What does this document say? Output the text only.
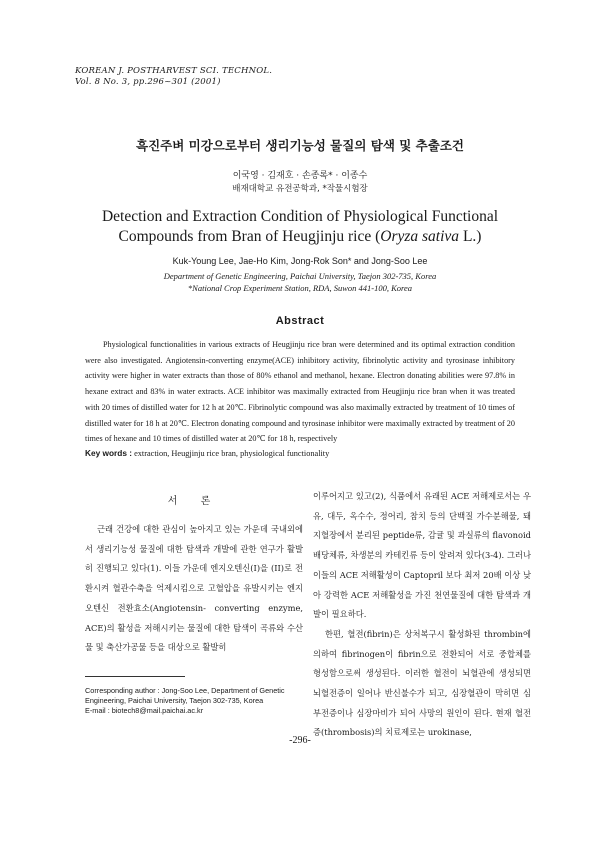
KOREAN J. POSTHARVEST SCI. TECHNOL.
Vol. 8 No. 3, pp.296~301 (2001)
흑진주벼 미강으로부터 생리기능성 물질의 탐색 및 추출조건
이국영 · 김재호 · 손종록* · 이종수
배재대학교 유전공학과, *작물시험장
Detection and Extraction Condition of Physiological Functional
Compounds from Bran of Heugjinju rice (Oryza sativa L.)
Kuk-Young Lee, Jae-Ho Kim, Jong-Rok Son* and Jong-Soo Lee
Department of Genetic Engineering, Paichai University, Taejon 302-735, Korea
*National Crop Experiment Station, RDA, Suwon 441-100, Korea
Abstract
Physiological functionalities in various extracts of Heugjinju rice bran were determined and its optimal extraction condition were also investigated. Angiotensin-converting enzyme(ACE) inhibitory activity, fibrinolytic activity and tyrosinase inhibitory activity were higher in water extracts than those of 80% ethanol and methanol, hexane. Electron donating abilities were 97.8% in hexane extract and 83% in water extracts. ACE inhibitor was maximally extracted from Heugjinju rice bran when it was treated with 20 times of distilled water for 12 h at 20℃. Fibrinolytic compound was also maximally extracted by treatment of 10 times of distilled water for 18 h at 20℃. Electron donating compound and tyrosinase inhibitor were maximally extracted by treatment of 20 times of hexane and 10 times of distilled water at 20℃ for 18 h, respectively
Key words : extraction, Heugjinju rice bran, physiological functionality
서 론
근래 건강에 대한 관심이 높아지고 있는 가운데 국내외에서 생리기능성 물질에 대한 탐색과 개발에 관한 연구가 활발히 진행되고 있다(1). 이들 가운데 엔지오텐신(I)을 (II)로 전환시켜 혈관수축을 억제시킴으로 고혈압을 유발시키는 엔지오텐신 전환효소(Angiotensin- converting enzyme, ACE)의 활성을 저해시키는 물질에 대한 탐색이 곡류와 수산물 및 축산가공물 등을 대상으로 활발히

이루어지고 있고(2), 식품에서 유래된 ACE 저해제로서는 우유, 대두, 옥수수, 정어리, 참치 등의 단백질 가수분해물, 돼지혈장에서 분리된 peptide류, 감귤 및 과실류의 flavonoid 배당체류, 차생분의 카테킨류 등이 알려져 있다(3-4). 그러나 이들의 ACE 저해활성이 Captopril 보다 최저 20배 이상 낮아 강력한 ACE 저해활성을 가진 천연물질에 대한 탐색과 개발이 필요하다.

한편, 혈전(fibrin)은 상처복구시 활성화된 thrombin에 의하여 fibrinogen이 fibrin으로 전환되어 서로 중합체를 형성함으로써 생성된다. 이러한 혈전이 뇌혈관에 생성되면 뇌혈전증이 일어나 반신불수가 되고, 심장혈관이 막히면 심부전증이나 심장마비가 되어 사망의 원인이 된다. 현재 혈전증(thrombosis)의 치료제로는 urokinase,

Corresponding author : Jong-Soo Lee, Department of Genetic
Engineering, Paichai University, Taejon 302-735, Korea
E-mail : biotech8@mail.paichai.ac.kr
-296-
